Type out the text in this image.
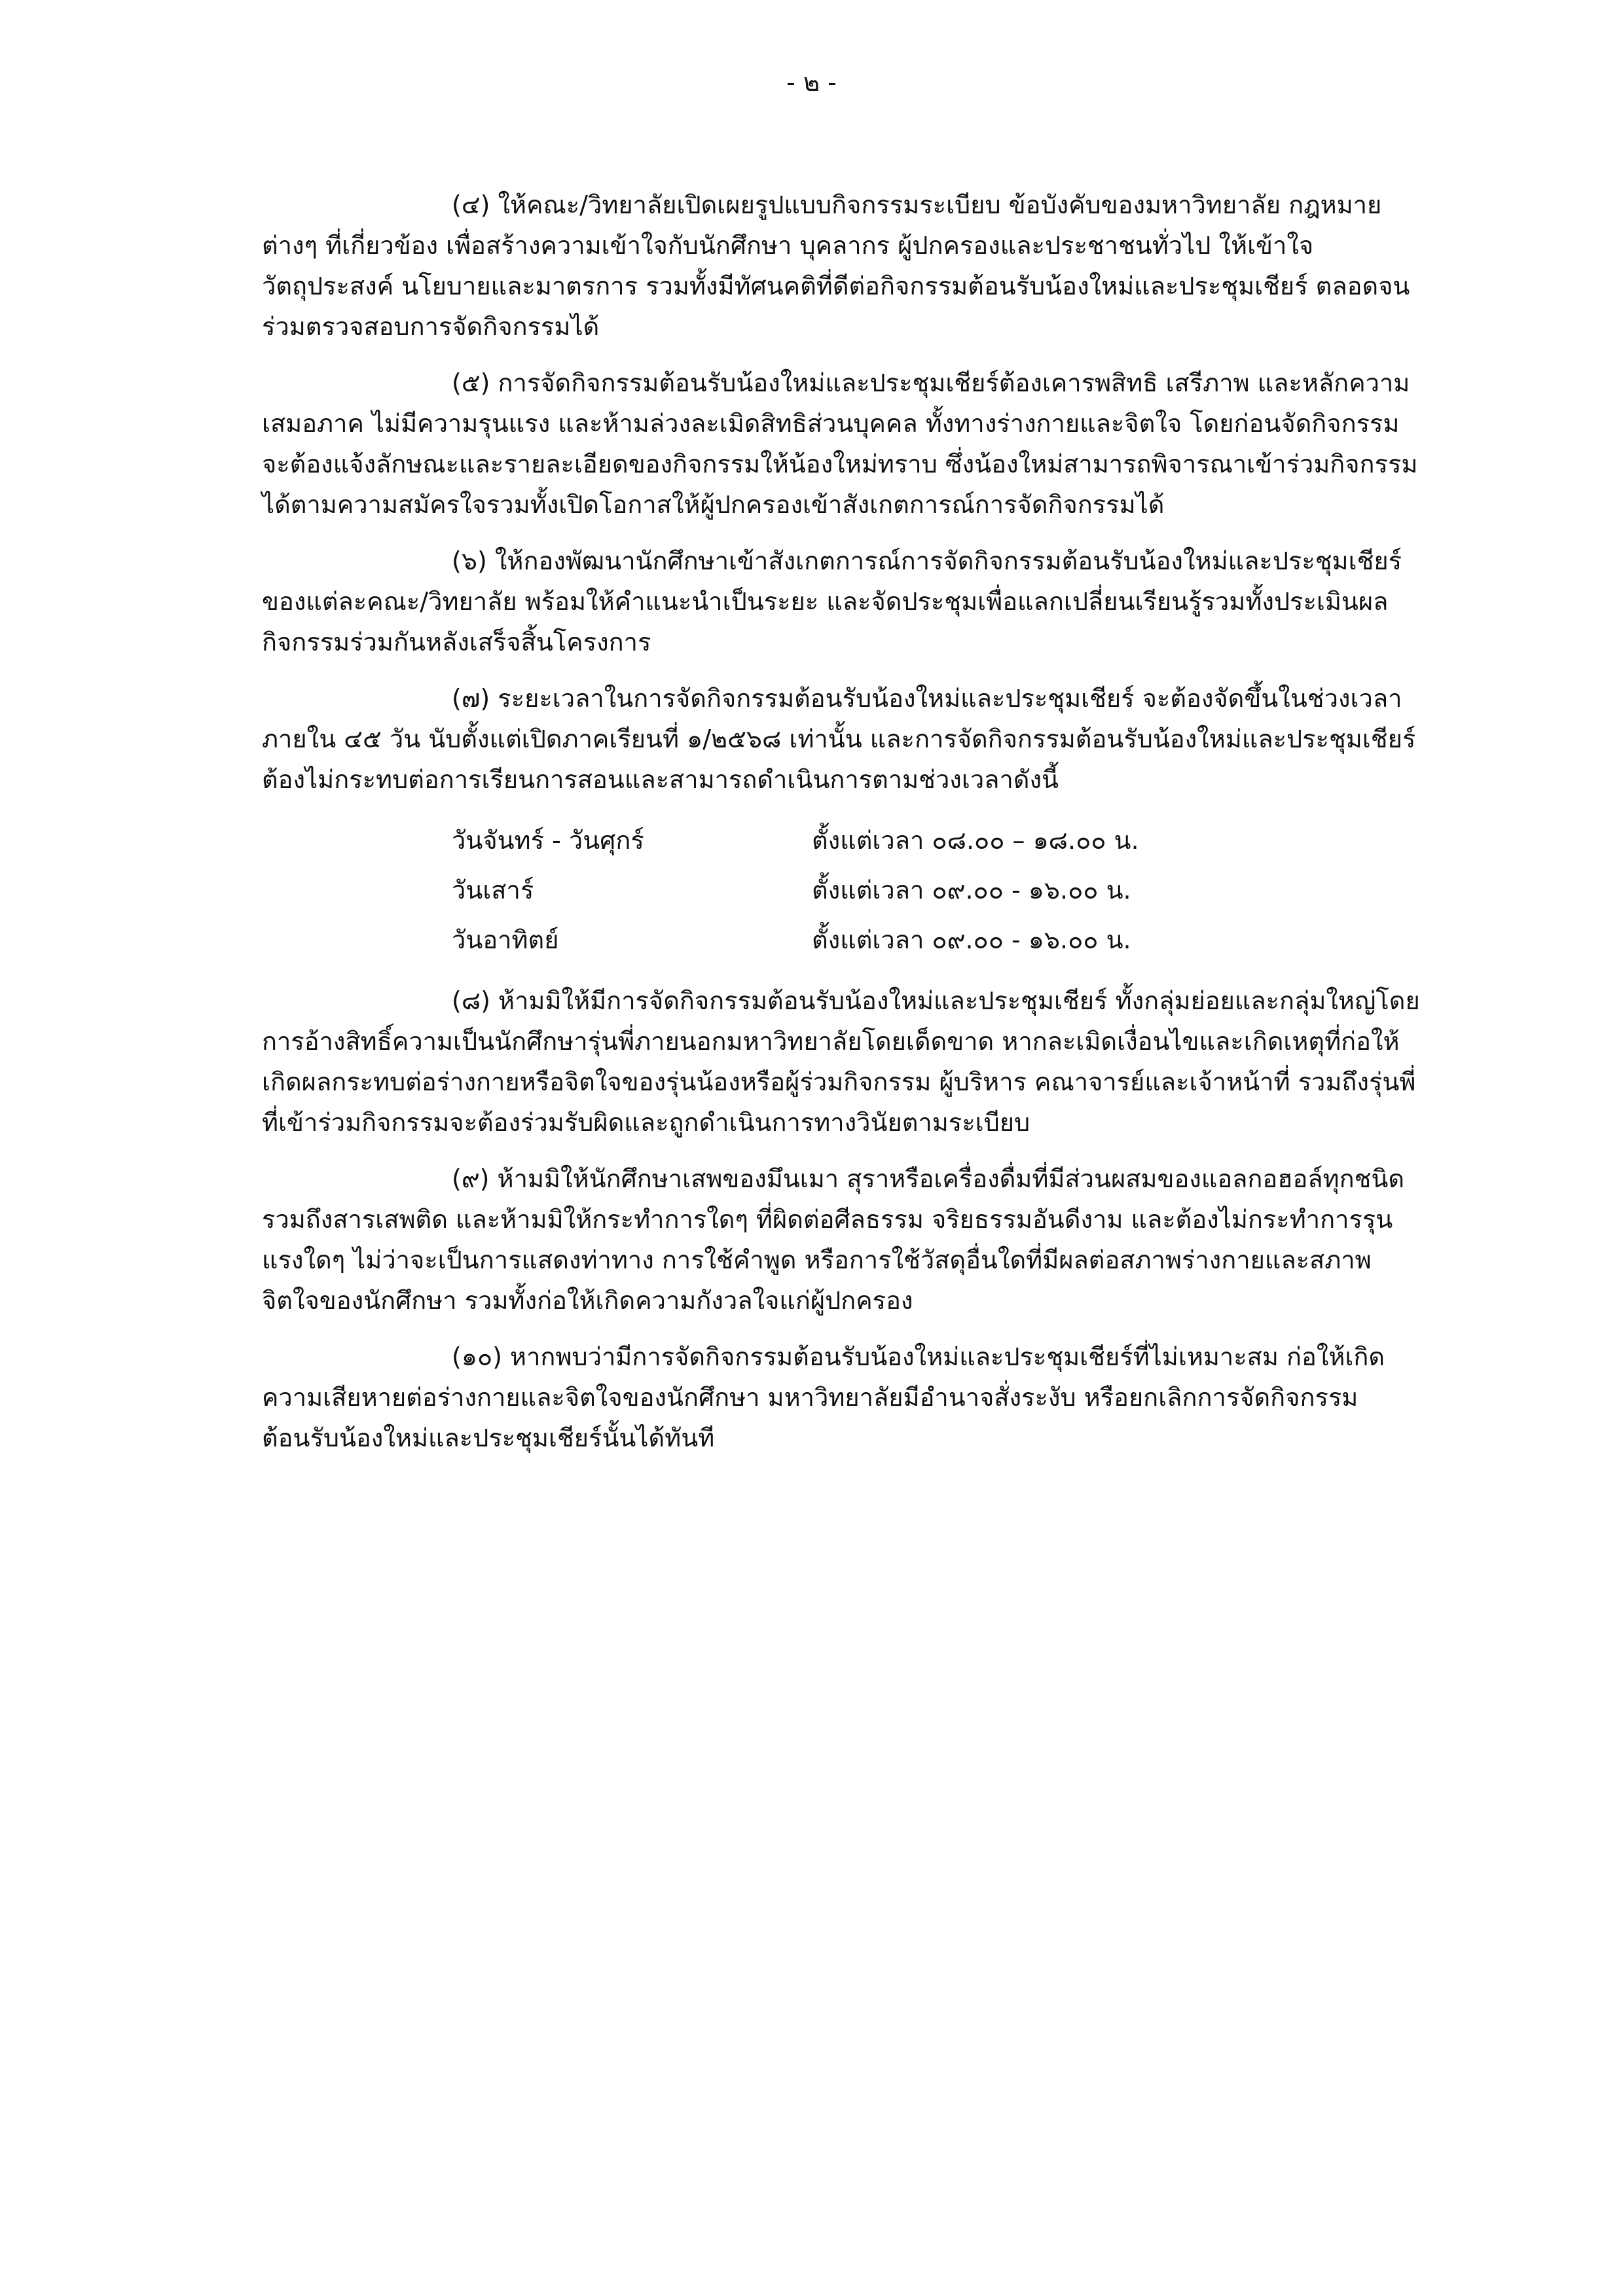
- ๒ -

(๔) ให้คณะ/วิทยาลัยเปิดเผยรูปแบบกิจกรรมระเบียบ ข้อบังคับของมหาวิทยาลัย กฎหมายต่างๆ ที่เกี่ยวข้อง เพื่อสร้างความเข้าใจกับนักศึกษา บุคลากร ผู้ปกครองและประชาชนทั่วไป ให้เข้าใจวัตถุประสงค์ นโยบายและมาตรการ รวมทั้งมีทัศนคติที่ดีต่อกิจกรรมต้อนรับน้องใหม่และประชุมเชียร์ ตลอดจนร่วมตรวจสอบการจัดกิจกรรมได้

(๕) การจัดกิจกรรมต้อนรับน้องใหม่และประชุมเชียร์ต้องเคารพสิทธิ เสรีภาพ และหลักความเสมอภาค ไม่มีความรุนแรง และห้ามล่วงละเมิดสิทธิส่วนบุคคล ทั้งทางร่างกายและจิตใจ โดยก่อนจัดกิจกรรมจะต้องแจ้งลักษณะและรายละเอียดของกิจกรรมให้น้องใหม่ทราบ ซึ่งน้องใหม่สามารถพิจารณาเข้าร่วมกิจกรรมได้ตามความสมัครใจรวมทั้งเปิดโอกาสให้ผู้ปกครองเข้าสังเกตการณ์การจัดกิจกรรมได้

(๖) ให้กองพัฒนานักศึกษาเข้าสังเกตการณ์การจัดกิจกรรมต้อนรับน้องใหม่และประชุมเชียร์ของแต่ละคณะ/วิทยาลัย พร้อมให้คำแนะนำเป็นระยะ และจัดประชุมเพื่อแลกเปลี่ยนเรียนรู้รวมทั้งประเมินผลกิจกรรมร่วมกันหลังเสร็จสิ้นโครงการ

(๗) ระยะเวลาในการจัดกิจกรรมต้อนรับน้องใหม่และประชุมเชียร์ จะต้องจัดขึ้นในช่วงเวลาภายใน ๔๕ วัน นับตั้งแต่เปิดภาคเรียนที่ ๑/๒๕๖๘ เท่านั้น และการจัดกิจกรรมต้อนรับน้องใหม่และประชุมเชียร์ต้องไม่กระทบต่อการเรียนการสอนและสามารถดำเนินการตามช่วงเวลาดังนี้

วันจันทร์ - วันศุกร์	ตั้งแต่เวลา ๐๘.๐๐ – ๑๘.๐๐ น.
วันเสาร์	ตั้งแต่เวลา ๐๙.๐๐ - ๑๖.๐๐ น.
วันอาทิตย์	ตั้งแต่เวลา ๐๙.๐๐ - ๑๖.๐๐ น.

(๘) ห้ามมิให้มีการจัดกิจกรรมต้อนรับน้องใหม่และประชุมเชียร์ ทั้งกลุ่มย่อยและกลุ่มใหญ่โดยการอ้างสิทธิ์ความเป็นนักศึกษารุ่นพี่ภายนอกมหาวิทยาลัยโดยเด็ดขาด หากละเมิดเงื่อนไขและเกิดเหตุที่ก่อให้เกิดผลกระทบต่อร่างกายหรือจิตใจของรุ่นน้องหรือผู้ร่วมกิจกรรม ผู้บริหาร คณาจารย์และเจ้าหน้าที่ รวมถึงรุ่นพี่ที่เข้าร่วมกิจกรรมจะต้องร่วมรับผิดและถูกดำเนินการทางวินัยตามระเบียบ

(๙) ห้ามมิให้นักศึกษาเสพของมึนเมา สุราหรือเครื่องดื่มที่มีส่วนผสมของแอลกอฮอล์ทุกชนิด รวมถึงสารเสพติด และห้ามมิให้กระทำการใดๆ ที่ผิดต่อศีลธรรม จริยธรรมอันดีงาม และต้องไม่กระทำการรุนแรงใดๆ ไม่ว่าจะเป็นการแสดงท่าทาง การใช้คำพูด หรือการใช้วัสดุอื่นใดที่มีผลต่อสภาพร่างกายและสภาพจิตใจของนักศึกษา รวมทั้งก่อให้เกิดความกังวลใจแก่ผู้ปกครอง

(๑๐) หากพบว่ามีการจัดกิจกรรมต้อนรับน้องใหม่และประชุมเชียร์ที่ไม่เหมาะสม ก่อให้เกิดความเสียหายต่อร่างกายและจิตใจของนักศึกษา มหาวิทยาลัยมีอำนาจสั่งระงับ หรือยกเลิกการจัดกิจกรรมต้อนรับน้องใหม่และประชุมเชียร์นั้นได้ทันที
